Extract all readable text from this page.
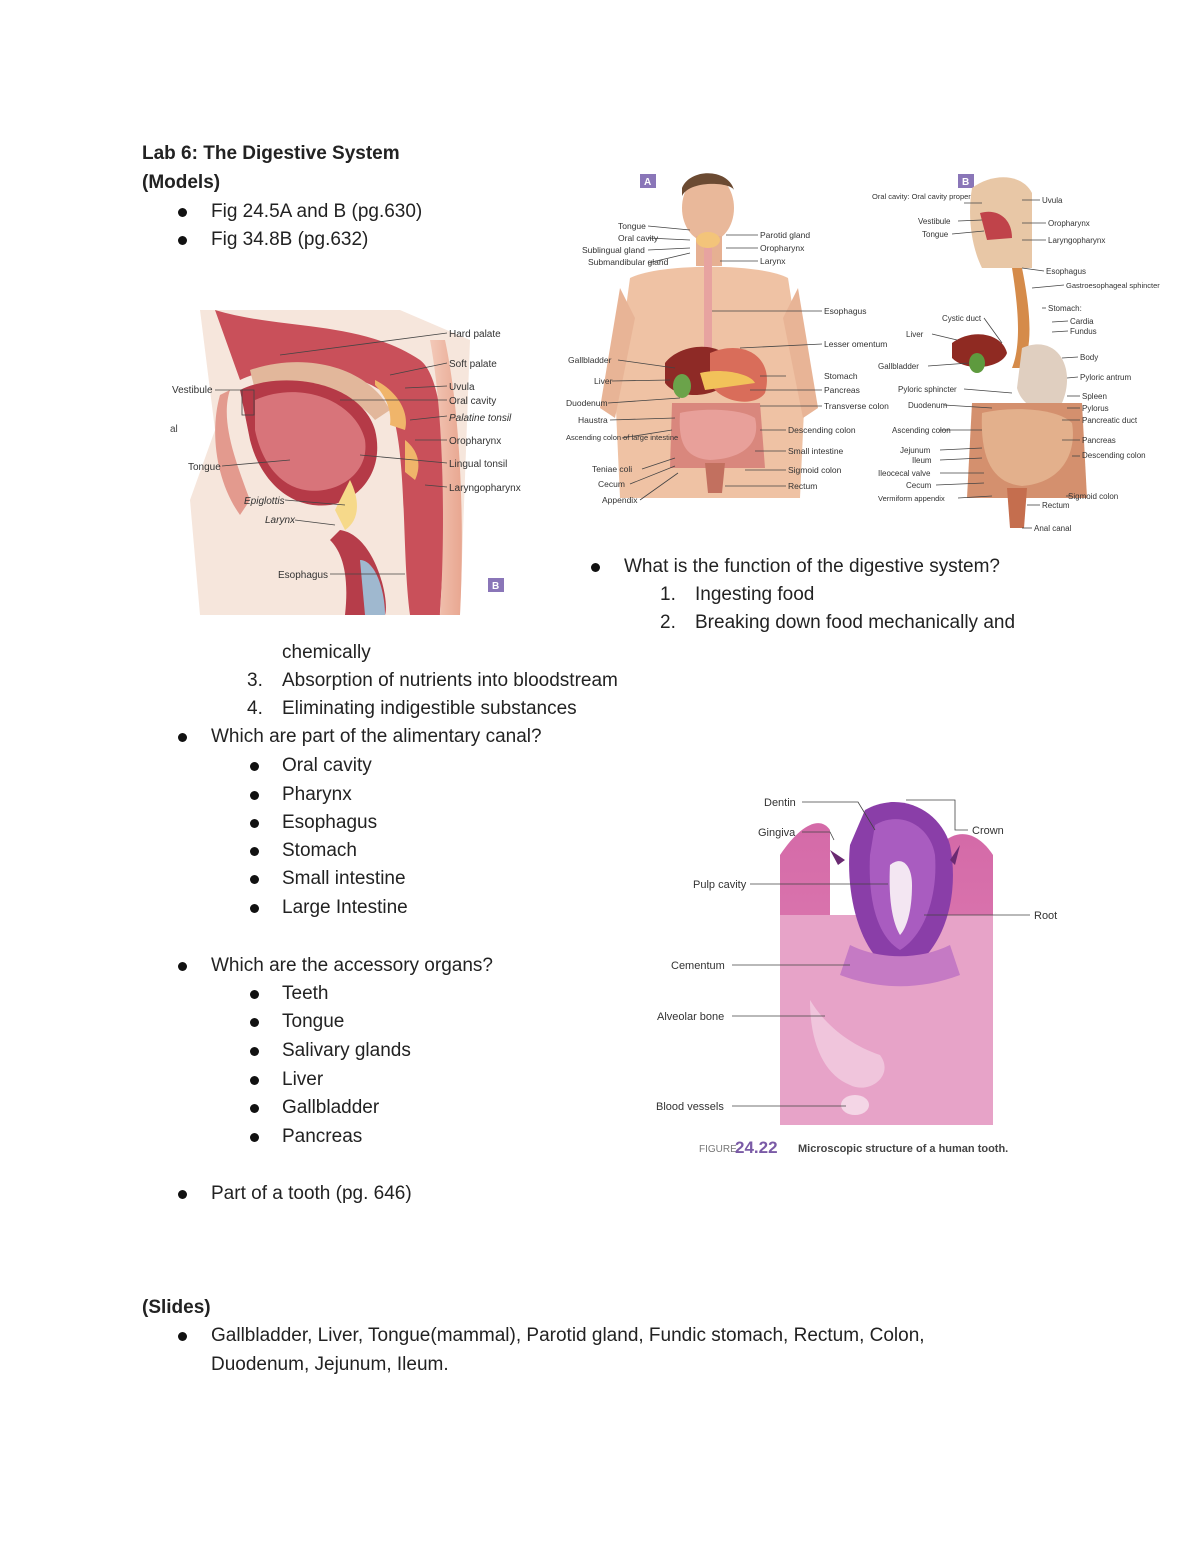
Lab 6: The Digestive System
(Models)
Fig 24.5A and B (pg.630)
Fig 34.8B (pg.632)
Hard palate
Soft palate
Uvula
Oral cavity
Palatine tonsil
Oropharynx
Lingual tonsil
Laryngopharynx
Vestibule
Tongue
Epiglottis
Larynx
Esophagus
B
al
A
Tongue
Oral cavity
Sublingual gland
Submandibular gland
Gallbladder
Liver
Duodenum
Haustra
Ascending colon of large intestine
Teniae coli
Cecum
Appendix
Parotid gland
Oropharynx
Larynx
Esophagus
Lesser omentum
Stomach
Pancreas
Transverse colon
Descending colon
Small intestine
Sigmoid colon
Rectum
B
Oral cavity: Oral cavity proper
Vestibule
Tongue
Cystic duct
Liver
Gallbladder
Pyloric sphincter
Duodenum
Ascending colon
Jejunum
Ileum
Ileocecal valve
Cecum
Vermiform appendix
Uvula
Oropharynx
Laryngopharynx
Esophagus
Gastroesophageal sphincter
Stomach:
Cardia
Fundus
Body
Pyloric antrum
Spleen
Pylorus
Pancreatic duct
Pancreas
Descending colon
Sigmoid colon
Rectum
Anal canal
What is the function of the digestive system?
1. Ingesting food
2. Breaking down food mechanically and
chemically
3. Absorption of nutrients into bloodstream
4. Eliminating indigestible substances
Which are part of the alimentary canal?
Oral cavity
Pharynx
Esophagus
Stomach
Small intestine
Large Intestine
Which are the accessory organs?
Teeth
Tongue
Salivary glands
Liver
Gallbladder
Pancreas
Part of a tooth (pg. 646)
Dentin
Gingiva
Pulp cavity
Cementum
Alveolar bone
Blood vessels
Crown
Root
FIGURE
24.22 Microscopic structure of a human tooth.
(Slides)
Gallbladder, Liver, Tongue(mammal), Parotid gland, Fundic stomach, Rectum, Colon,
Duodenum, Jejunum, Ileum.
